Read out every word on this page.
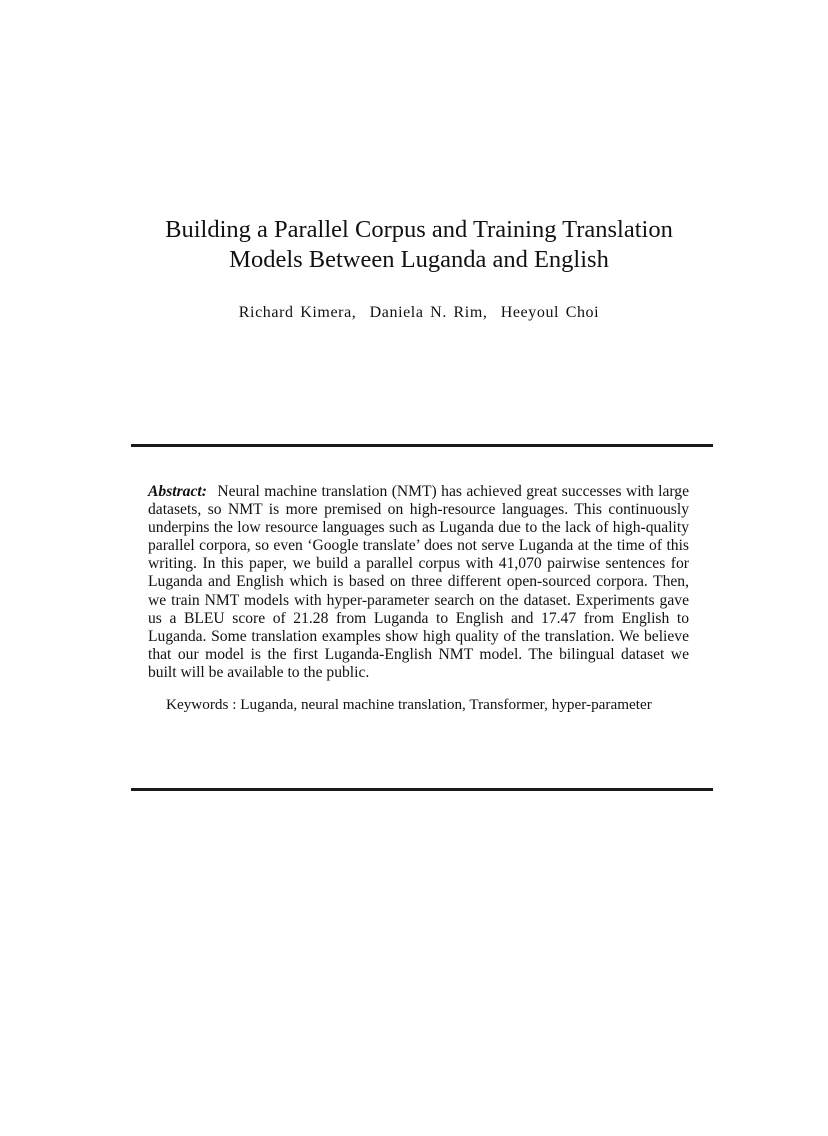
Building a Parallel Corpus and Training Translation
Models Between Luganda and English
Richard Kimera, Daniela N. Rim, Heeyoul Choi

Abstract: Neural machine translation (NMT) has achieved great successes with large datasets, so NMT is more premised on high-resource languages. This continuously underpins the low resource languages such as Luganda due to the lack of high-quality parallel corpora, so even ‘Google translate’ does not serve Luganda at the time of this writing. In this paper, we build a parallel corpus with 41,070 pairwise sentences for Luganda and English which is based on three different open-sourced corpora. Then, we train NMT models with hyper-parameter search on the dataset. Experiments gave us a BLEU score of 21.28 from Luganda to English and 17.47 from English to Luganda. Some translation examples show high quality of the translation. We believe that our model is the first Luganda-English NMT model. The bilingual dataset we built will be available to the public.

Keywords : Luganda, neural machine translation, Transformer, hyper-parameter
